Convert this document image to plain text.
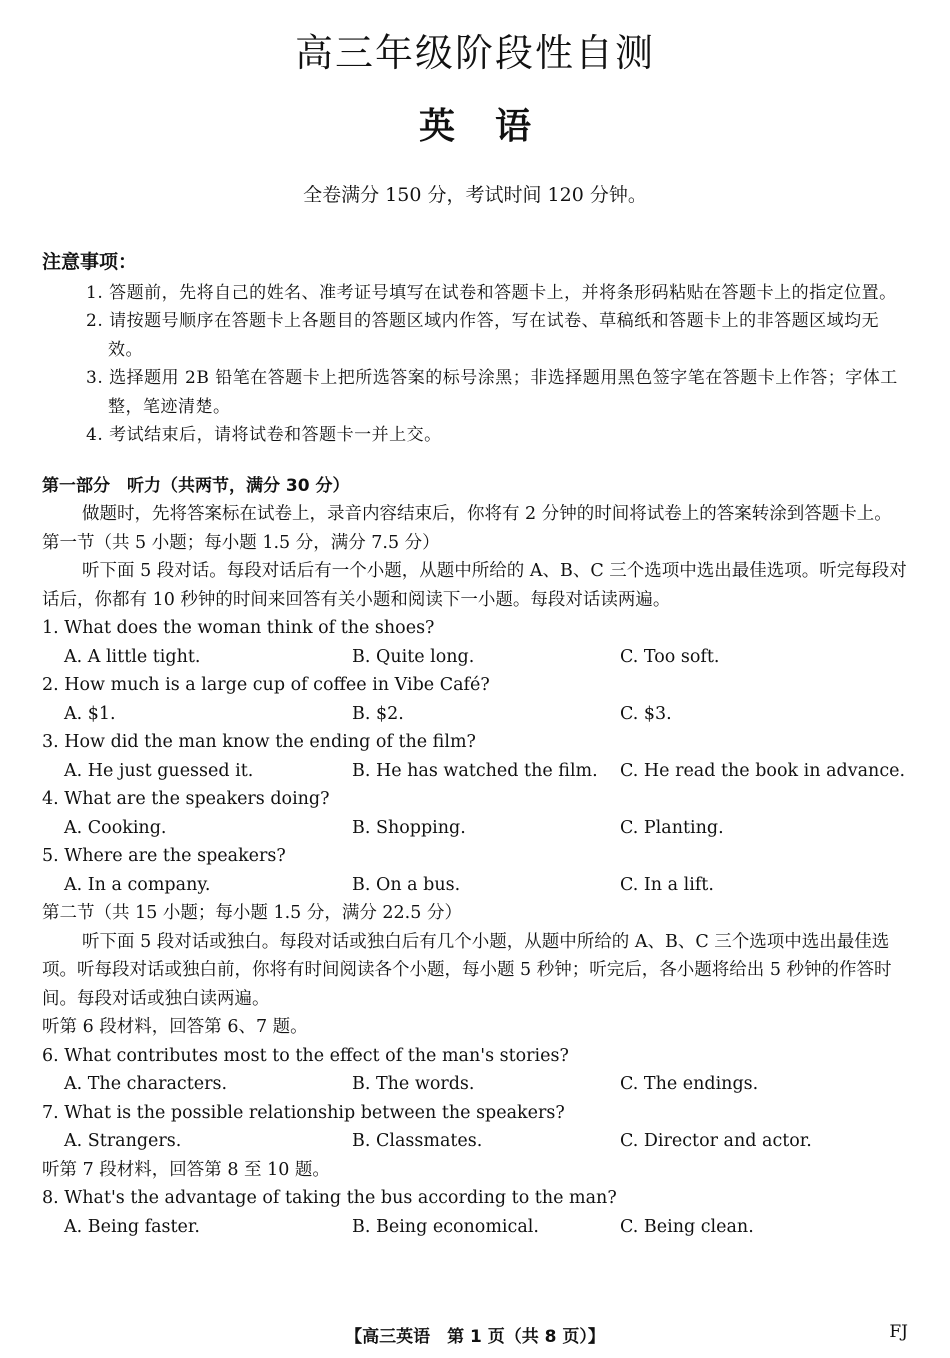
高三年级阶段性自测
英语
全卷满分 150 分，考试时间 120 分钟。
注意事项：
1. 答题前，先将自己的姓名、准考证号填写在试卷和答题卡上，并将条形码粘贴在答题卡上的指定位置。
2. 请按题号顺序在答题卡上各题目的答题区域内作答，写在试卷、草稿纸和答题卡上的非答题区域均无效。
3. 选择题用 2B 铅笔在答题卡上把所选答案的标号涂黑；非选择题用黑色签字笔在答题卡上作答；字体工整，笔迹清楚。
4. 考试结束后，请将试卷和答题卡一并上交。
第一部分　听力（共两节，满分 30 分）
做题时，先将答案标在试卷上，录音内容结束后，你将有 2 分钟的时间将试卷上的答案转涂到答题卡上。
第一节（共 5 小题；每小题 1.5 分，满分 7.5 分）
听下面 5 段对话。每段对话后有一个小题，从题中所给的 A、B、C 三个选项中选出最佳选项。听完每段对话后，你都有 10 秒钟的时间来回答有关小题和阅读下一小题。每段对话读两遍。
1. What does the woman think of the shoes?
A. A little tight.	B. Quite long.	C. Too soft.
2. How much is a large cup of coffee in Vibe Café?
A. $1.	B. $2.	C. $3.
3. How did the man know the ending of the film?
A. He just guessed it.	B. He has watched the film.	C. He read the book in advance.
4. What are the speakers doing?
A. Cooking.	B. Shopping.	C. Planting.
5. Where are the speakers?
A. In a company.	B. On a bus.	C. In a lift.
第二节（共 15 小题；每小题 1.5 分，满分 22.5 分）
听下面 5 段对话或独白。每段对话或独白后有几个小题，从题中所给的 A、B、C 三个选项中选出最佳选项。听每段对话或独白前，你将有时间阅读各个小题，每小题 5 秒钟；听完后，各小题将给出 5 秒钟的作答时间。每段对话或独白读两遍。
听第 6 段材料，回答第 6、7 题。
6. What contributes most to the effect of the man's stories?
A. The characters.	B. The words.	C. The endings.
7. What is the possible relationship between the speakers?
A. Strangers.	B. Classmates.	C. Director and actor.
听第 7 段材料，回答第 8 至 10 题。
8. What's the advantage of taking the bus according to the man?
A. Being faster.	B. Being economical.	C. Being clean.
【高三英语　第 1 页（共 8 页）】	FJ
